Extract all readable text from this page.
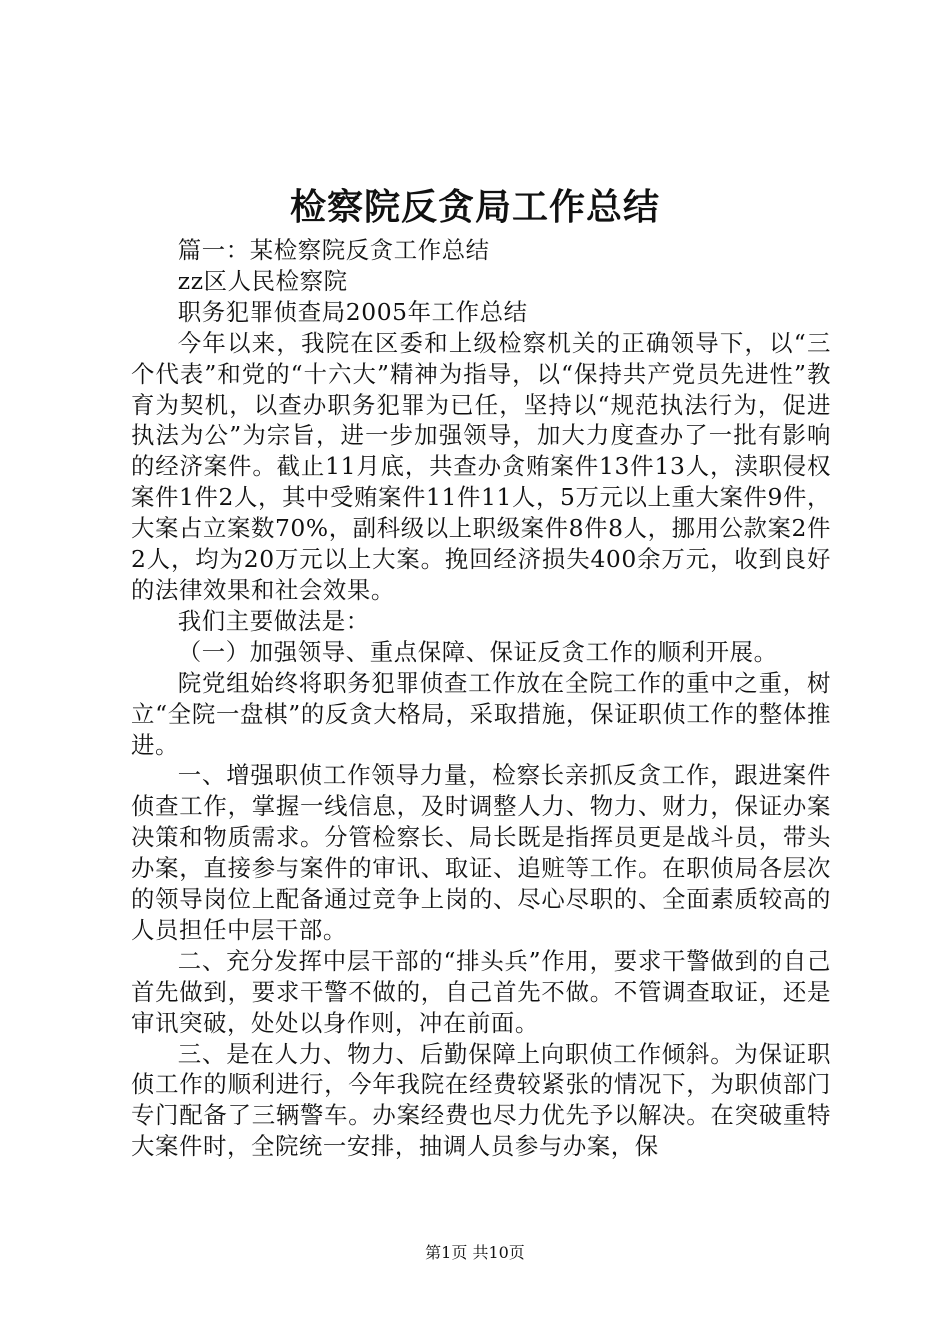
检察院反贪局工作总结

篇一：某检察院反贪工作总结

zz区人民检察院

职务犯罪侦查局2005年工作总结

今年以来，我院在区委和上级检察机关的正确领导下，以“三个代表”和党的“十六大”精神为指导，以“保持共产党员先进性”教育为契机，以查办职务犯罪为已任，坚持以“规范执法行为，促进执法为公”为宗旨，进一步加强领导，加大力度查办了一批有影响的经济案件。截止11月底，共查办贪贿案件13件13人，渎职侵权案件1件2人，其中受贿案件11件11人，5万元以上重大案件9件，大案占立案数70%，副科级以上职级案件8件8人，挪用公款案2件2人，均为20万元以上大案。挽回经济损失400余万元，收到良好的法律效果和社会效果。

我们主要做法是：

（一）加强领导、重点保障、保证反贪工作的顺利开展。

院党组始终将职务犯罪侦查工作放在全院工作的重中之重，树立“全院一盘棋”的反贪大格局，采取措施，保证职侦工作的整体推进。

一、增强职侦工作领导力量，检察长亲抓反贪工作，跟进案件侦查工作，掌握一线信息，及时调整人力、物力、财力，保证办案决策和物质需求。分管检察长、局长既是指挥员更是战斗员，带头办案，直接参与案件的审讯、取证、追赃等工作。在职侦局各层次的领导岗位上配备通过竞争上岗的、尽心尽职的、全面素质较高的人员担任中层干部。

二、充分发挥中层干部的“排头兵”作用，要求干警做到的自己首先做到，要求干警不做的，自己首先不做。不管调查取证，还是审讯突破，处处以身作则，冲在前面。

三、是在人力、物力、后勤保障上向职侦工作倾斜。为保证职侦工作的顺利进行，今年我院在经费较紧张的情况下，为职侦部门专门配备了三辆警车。办案经费也尽力优先予以解决。在突破重特大案件时，全院统一安排，抽调人员参与办案，保

第1页 共10页
